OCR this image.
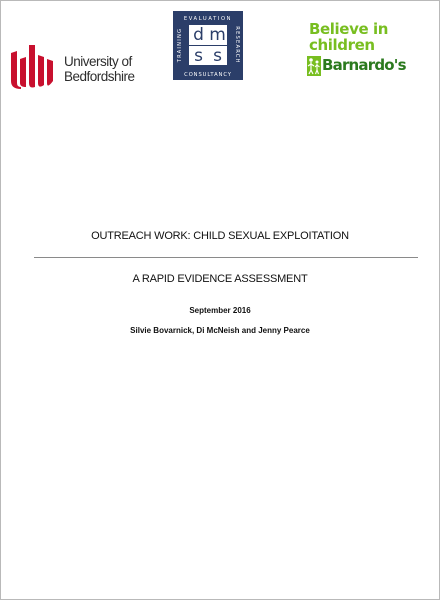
University of
Bedfordshire
EVALUATION
CONSULTANCY
RESEARCH
TRAINING d m
s s
Believe in
children
Barnardo's
OUTREACH WORK: CHILD SEXUAL EXPLOITATION
A RAPID EVIDENCE ASSESSMENT
September 2016
Silvie Bovarnick, Di McNeish and Jenny Pearce
